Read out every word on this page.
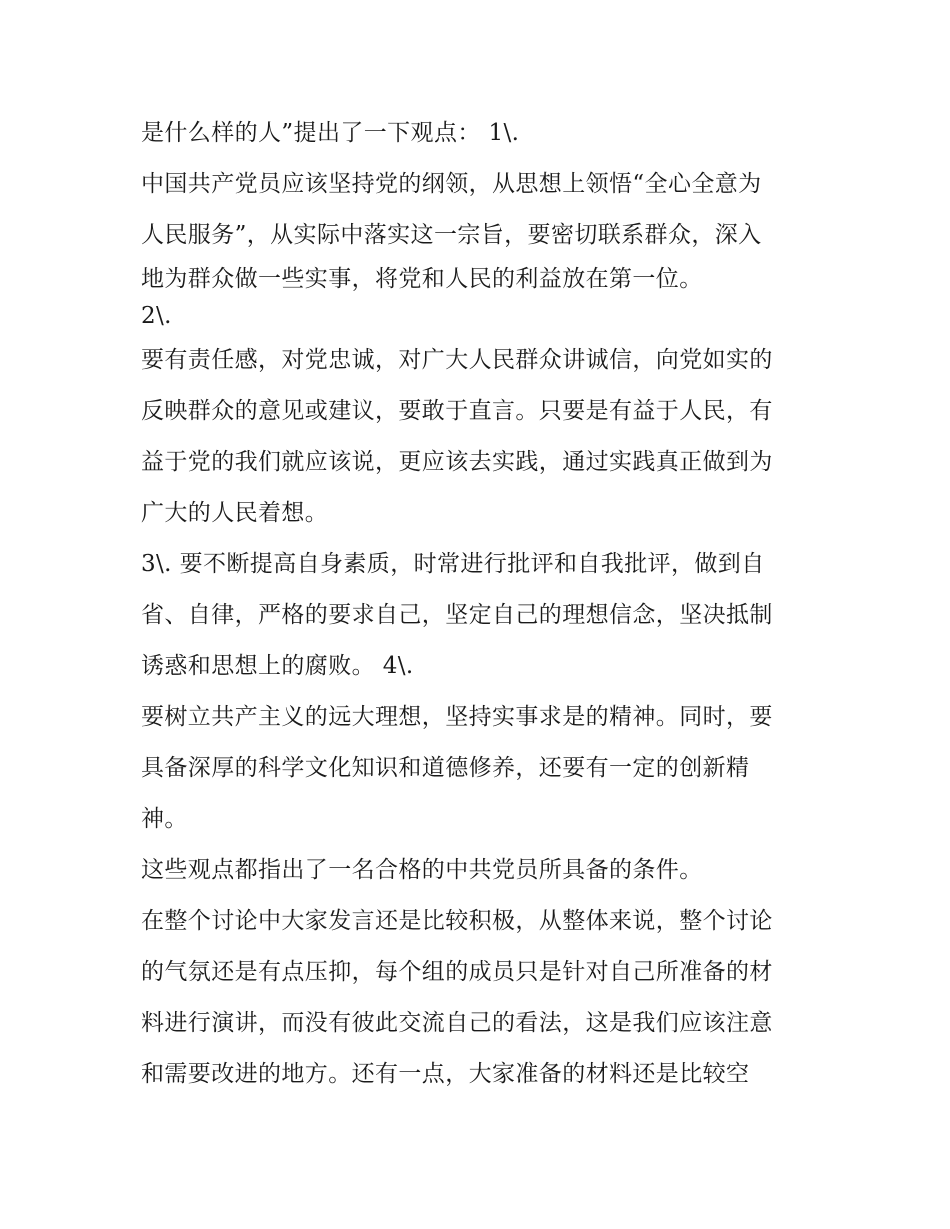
是什么样的人”提出了一下观点： 1\.
中国共产党员应该坚持党的纲领，从思想上领悟“全心全意为
人民服务”，从实际中落实这一宗旨，要密切联系群众，深入
地为群众做一些实事，将党和人民的利益放在第一位。
2\.
要有责任感，对党忠诚，对广大人民群众讲诚信，向党如实的
反映群众的意见或建议，要敢于直言。只要是有益于人民，有
益于党的我们就应该说，更应该去实践，通过实践真正做到为
广大的人民着想。
3\. 要不断提高自身素质，时常进行批评和自我批评，做到自
省、自律，严格的要求自己，坚定自己的理想信念，坚决抵制
诱惑和思想上的腐败。 4\.
要树立共产主义的远大理想，坚持实事求是的精神。同时，要
具备深厚的科学文化知识和道德修养，还要有一定的创新精
神。
这些观点都指出了一名合格的中共党员所具备的条件。
在整个讨论中大家发言还是比较积极，从整体来说，整个讨论
的气氛还是有点压抑，每个组的成员只是针对自己所准备的材
料进行演讲，而没有彼此交流自己的看法，这是我们应该注意
和需要改进的地方。还有一点，大家准备的材料还是比较空
